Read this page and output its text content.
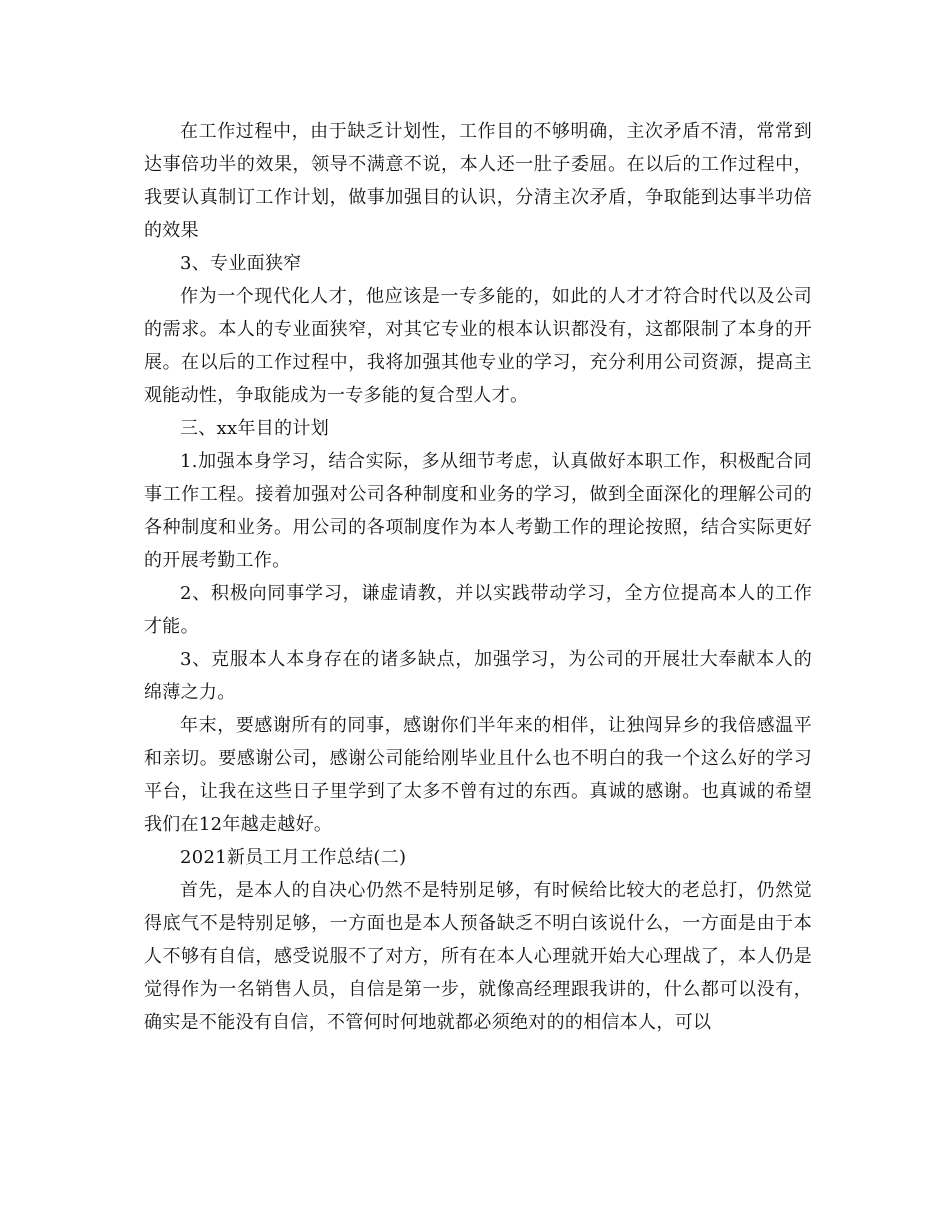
在工作过程中，由于缺乏计划性，工作目的不够明确，主次矛盾不清，常常到达事倍功半的效果，领导不满意不说，本人还一肚子委屈。在以后的工作过程中，我要认真制订工作计划，做事加强目的认识，分清主次矛盾，争取能到达事半功倍的效果

3、专业面狭窄

作为一个现代化人才，他应该是一专多能的，如此的人才才符合时代以及公司的需求。本人的专业面狭窄，对其它专业的根本认识都没有，这都限制了本身的开展。在以后的工作过程中，我将加强其他专业的学习，充分利用公司资源，提高主观能动性，争取能成为一专多能的复合型人才。

三、xx年目的计划

1.加强本身学习，结合实际，多从细节考虑，认真做好本职工作，积极配合同事工作工程。接着加强对公司各种制度和业务的学习，做到全面深化的理解公司的各种制度和业务。用公司的各项制度作为本人考勤工作的理论按照，结合实际更好的开展考勤工作。

2、积极向同事学习，谦虚请教，并以实践带动学习，全方位提高本人的工作才能。

3、克服本人本身存在的诸多缺点，加强学习，为公司的开展壮大奉献本人的绵薄之力。

年末，要感谢所有的同事，感谢你们半年来的相伴，让独闯异乡的我倍感温平和亲切。要感谢公司，感谢公司能给刚毕业且什么也不明白的我一个这么好的学习平台，让我在这些日子里学到了太多不曾有过的东西。真诚的感谢。也真诚的希望我们在12年越走越好。

2021新员工月工作总结(二)

首先，是本人的自决心仍然不是特别足够，有时候给比较大的老总打，仍然觉得底气不是特别足够，一方面也是本人预备缺乏不明白该说什么，一方面是由于本人不够有自信，感受说服不了对方，所有在本人心理就开始大心理战了，本人仍是觉得作为一名销售人员，自信是第一步，就像高经理跟我讲的，什么都可以没有，确实是不能没有自信，不管何时何地就都必须绝对的的相信本人，可以
